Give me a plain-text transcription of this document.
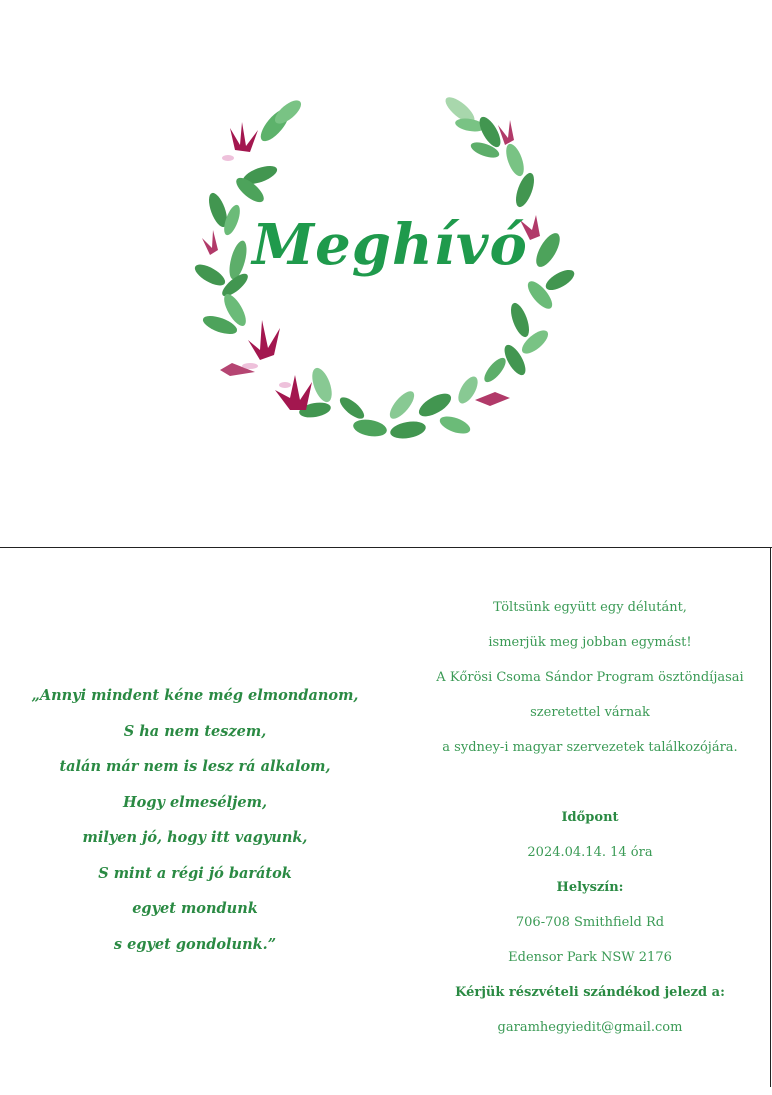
Meghívó
„Annyi mindent kéne még elmondanom,
S ha nem teszem,
talán már nem is lesz rá alkalom,
Hogy elmeséljem,
milyen jó, hogy itt vagyunk,
S mint a régi jó barátok
egyet mondunk
s egyet gondolunk.”
Töltsünk együtt egy délutánt,
ismerjük meg jobban egymást!
A Kőrösi Csoma Sándor Program ösztöndíjasai
szeretettel várnak
a sydney-i magyar szervezetek találkozójára.
Időpont
2024.04.14. 14 óra
Helyszín:
706-708 Smithfield Rd
Edensor Park NSW 2176
Kérjük részvételi szándékod jelezd a:
garamhegyiedit@gmail.com
